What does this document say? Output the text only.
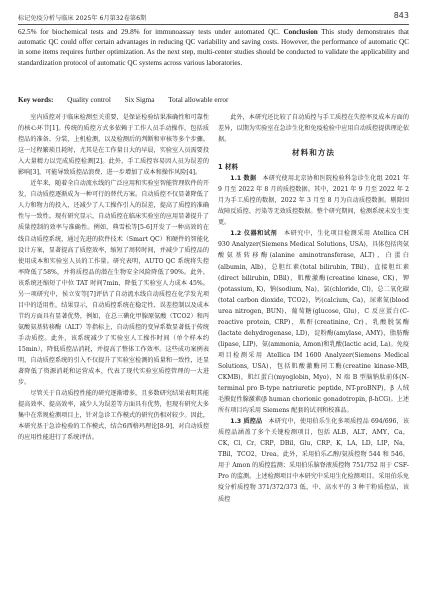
标记免疫分析与临床 2025年 6月第32卷第6期	843
62.5% for biochemical tests and 29.8% for immunoassay tests under automated QC. Conclusion This study demonstrates that automatic QC could offer certain advantages in reducing QC variability and saving costs. However, the performance of automatic QC in some items requires further optimization. As the next step, multi-center studies should be conducted to validate the applicability and standardization protocol of automatic QC systems across various laboratories.
Key words: Quality control Six Sigma Total allowable error

室内质控对于临床检测至关重要，是保证检验结果准确性和可靠性的核心环节[1]。传统的质控方式多依赖于工作人员手动操作，包括质控品的准备、分装、上机检测，以及检测后的判断和审核等多个步骤。这一过程繁琐且耗时，尤其是在工作量日大的早晨，实验室人员需要投入大量精力以完成质控检测[2]。此外，手工质控容易因人员为误差的影响[3]，可能导致质控品浪费、进一步增加了成本和操作风险[4]。

近年来，随着全自动流水线的广泛应用和实验室智能管理软件的开发，自动质控逐渐成为一种可行的替代方案。自动质控不仅显著降低了人力和物力的投入，还减少了人工操作引入的误差，提高了质控的准确性与一致性。现有研究显示，自动质控在临床实验室的应用显著提升了质量控制的效率与准确性。例如，典雪松等[5-6]开发了一种高效的在线自动质控系统，通过先进的软件技术（Smart QC）和硬件的智能化设计方案，显著提高了质控效率，缩短了周转时间，并减少了质控品的使用成本和实验室人员的工作量。研究表明，AUTO QC 系统将失控率降低了58%，并将质控品的潜在生物安全风险降低了90%。此外，该系统还缩短了中位 TAT 时间7min，降低了实验室人力成本 45%。另一项研究中，侯立安等[7]评估了自动流水线自动质控在化学发光项目中的适用性，结果显示，自动质控系统在稳定性、误差控制以及成本节约方面具有显著优势，例如，在总三碘化甲腺原氨酸（TCO2）和丙氨酸氨基转移酶（ALT）等指标上，自动质控的变异系数显著低于传统手动质控。此外，该系统减少了实验室人工操作时间（单个样本约15min），降低质控品消耗，并提高了整体工作效率。这些成功案例表明，自动质控系统的引入不仅提升了实验室检测的质量和一致性，还显著降低了资源消耗和运营成本，代表了现代实验室质控管理的一大进步。

尽管关于自动质控性能的研究逐渐增多，且多数研究结果表明其能提高效率、提高效率，减少人为误差等方面具有优势，但现有研究大多集中在常规检测项目上，针对急诊工作模式的研究仍相对较少。因此，本研究基于急诊检验的工作模式，结合6西格玛理论[8-9]，对自动质控的应用性能进行了系统评估。

此外，本研究还比较了自动质控与手工质控在失控率及成本方面的差异，以期为实验室在急诊生化和免疫检验中应用自动质控提供理论依据。

材料和方法
1 材料

1.1 数据  本研究使用北京协和医院检验科急诊生化组 2021 年 9 月至 2022 年 8 月的质控数据。其中，2021 年 9 月至 2022 年 2 月为手工质控的数据，2022 年 3 月至 8 月为自动质控数据。剔除因故障反质控、污染等无效质控数据。整个研究期间，检测系统未发生变更。

1.2 仪器和试剂  本研究中，生化项目检测采用 Atellica CH 930 Analyzer(Siemens Medical Solutions, USA)，具体包括肉氨酸氨基转移酶(alanine aminotransferase, ALT)，白蛋白(albumin, Alb)，总胆红素(total bilirubin, TBil)，直接胆红素(direct bilirubin, DBil)，肌酸激酶(creatine kinase, CK)，钾(potassium, K)，钠(sodium, Na)，氯(chloride, Cl)，总二氧化碳(total carbon dioxide, TCO2)，钙(calcium, Ca)，尿素氮(blood urea nitrogen, BUN)，葡萄糖(glucose, Glu)，C 反应蛋白(C-reactive protein, CRP)，肌酐(creatinine, Cr)，乳酸脱氢酶(lactate dehydrogenase, LD)，淀粉酶(amylase, AMY)，脂肪酶(lipase, LIP)，氨(ammonia, Amon)和乳酸(lactic acid, La)。免疫项目检测采用 Atellica IM 1600 Analyzer(Siemens Medical Solutions, USA)，包括肌酸激酶同工酶(creatine kinase-MB, CKMB)，肌红蛋白(myoglobin, Myo)，N 端 B 型脑钠肽前体(N-terminal pro B-type natriuretic peptide, NT-proBNP)，β 人绒毛膜促性腺激素(β human chorionic gonadotropin, β-hCG)。上述所有项目均采用 Siemens 配套的试剂和校准品。

1.3 质控品  本研究中，使用伯乐生化多项质控品 694/696，该质控品涵盖了多个关键检测项目，包括 ALB，ALT，AMY，Ca，CK，Cl，Cr，CRP，DBil，Glu，CRP，K，LA，LD，LIP，Na，TBil，TCO2，Urea。此外，采用伯乐乙醇/氨质控物 544 和 546，用于 Amon 的质控监测；采用伯乐脑脊液质控物 751/752 用于 CSF-Pro 的监测。上述检测项目中本研究中采用生化检测项目。采用伯乐免疫分析质控物 371/372/373 低、中、高水平的 3 种干粉质控品，该质控
